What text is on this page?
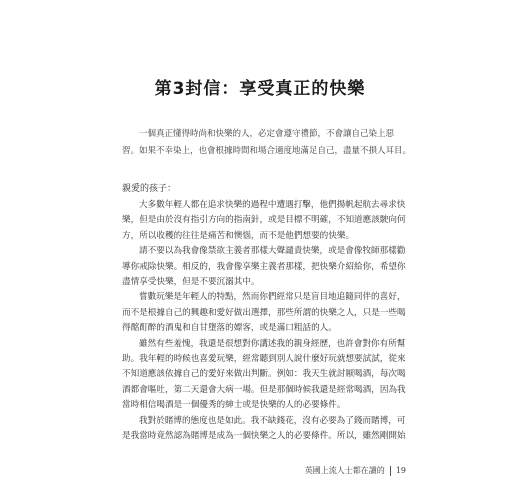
第3封信：享受真正的快樂
一個真正懂得時尚和快樂的人，必定會遵守禮節，不會讓自己染上惡
習。如果不幸染上，也會根據時間和場合適度地滿足自己，盡量不損人耳目。
親愛的孩子：
大多數年輕人都在追求快樂的過程中遭遇打擊，他們揚帆起航去尋求快
樂，但是由於沒有指引方向的指南針，或是目標不明確，不知道應該駛向何
方，所以收穫的往往是痛苦和懊惱，而不是他們想要的快樂。
請不要以為我會像禁欲主義者那樣大聲譴責快樂，或是會像牧師那樣勸
導你戒除快樂。相反的，我會像享樂主義者那樣，把快樂介紹給你，希望你
盡情享受快樂，但是不要沉溺其中。
嘗數玩樂是年輕人的特點，然而你們經常只是盲目地追隨同伴的喜好，
而不是根據自己的興趣和愛好做出選擇，那些所謂的快樂之人，只是一些喝
得酩酊醉的酒鬼和自甘墮落的嫖客，或是滿口粗話的人。
雖然有些羞愧，我還是很想對你講述我的親身經歷，也許會對你有所幫
助。我年輕的時候也喜愛玩樂，經常聽到別人說什麼好玩就想要試試，從來
不知道應該依據自己的愛好來做出判斷。例如：我天生就討厭喝酒，每次喝
酒都會嘔吐，第二天還會大病一場。但是那個時候我還是經常喝酒，因為我
當時相信喝酒是一個優秀的紳士或是快樂的人的必要條件。
我對於賭博的態度也是如此。我不缺錢花，沒有必要為了錢而賭博，可
是我當時竟然認為賭博是成為一個快樂之人的必要條件。所以，雖然剛開始
英國上流人士都在讀的 19
